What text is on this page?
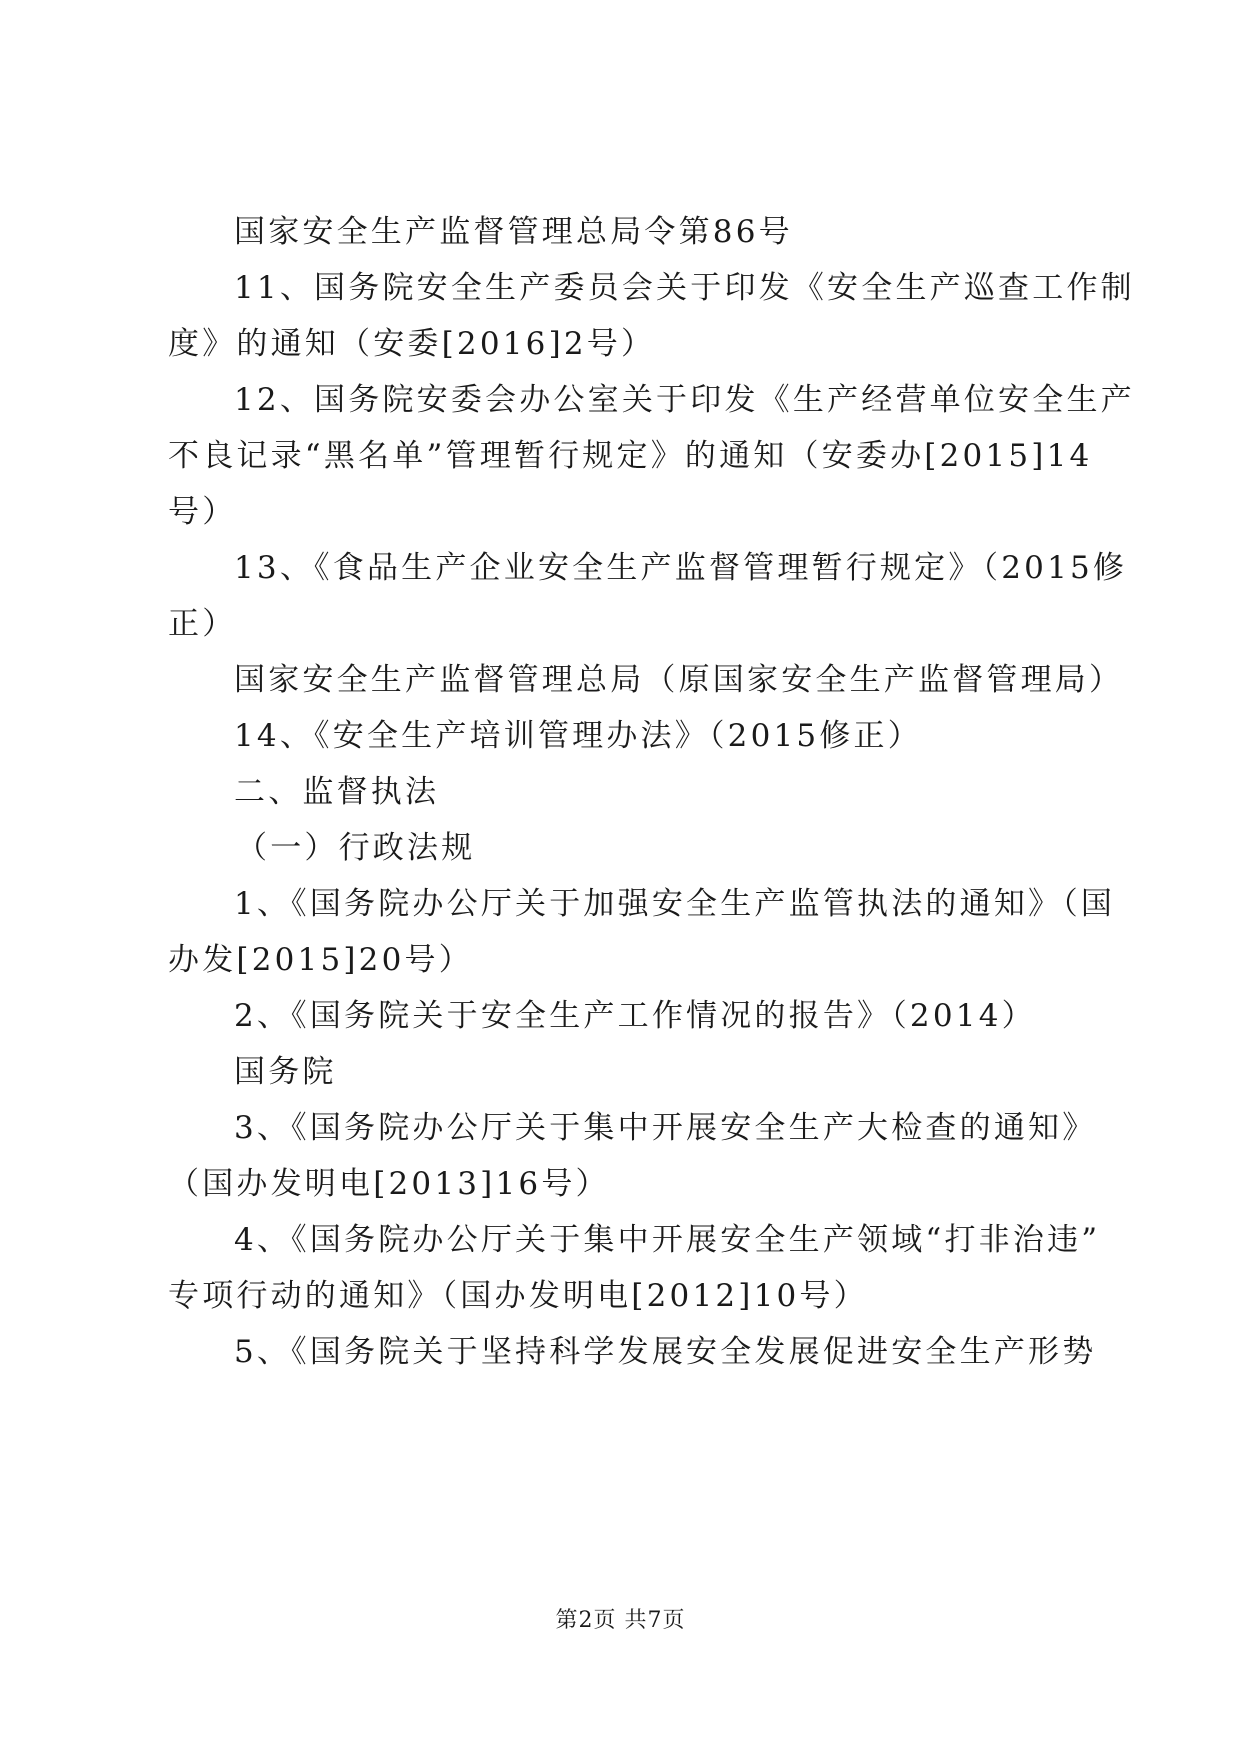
国家安全生产监督管理总局令第86号
11、国务院安全生产委员会关于印发《安全生产巡查工作制
度》的通知（安委[2016]2号）
12、国务院安委会办公室关于印发《生产经营单位安全生产
不良记录“黑名单”管理暂行规定》的通知（安委办[2015]14
号）
13、《食品生产企业安全生产监督管理暂行规定》（2015修
正）
国家安全生产监督管理总局（原国家安全生产监督管理局）
14、《安全生产培训管理办法》（2015修正）
二、监督执法
（一）行政法规
1、《国务院办公厅关于加强安全生产监管执法的通知》（国
办发[2015]20号）
2、《国务院关于安全生产工作情况的报告》（2014）
国务院
3、《国务院办公厅关于集中开展安全生产大检查的通知》
（国办发明电[2013]16号）
4、《国务院办公厅关于集中开展安全生产领域“打非治违”
专项行动的通知》（国办发明电[2012]10号）
5、《国务院关于坚持科学发展安全发展促进安全生产形势
第2页 共7页
